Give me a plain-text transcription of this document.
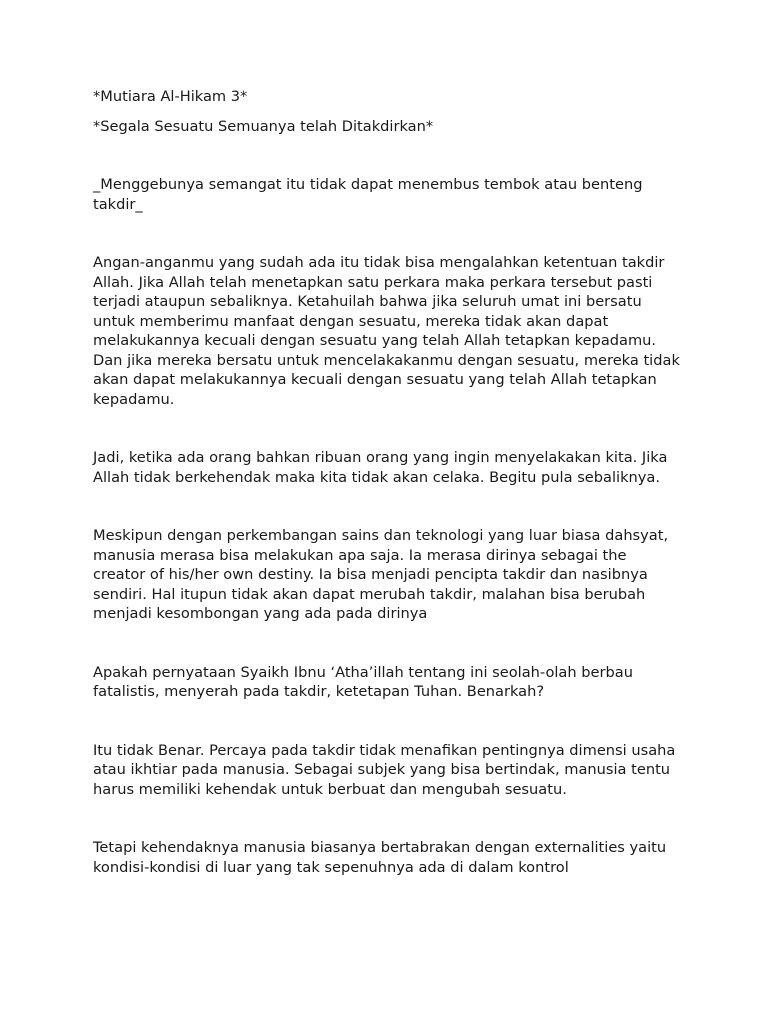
*Mutiara Al-Hikam 3*

*Segala Sesuatu Semuanya telah Ditakdirkan*

_Menggebunya semangat itu tidak dapat menembus tembok atau benteng takdir_

Angan-anganmu yang sudah ada itu tidak bisa mengalahkan ketentuan takdir Allah. Jika Allah telah menetapkan satu perkara maka perkara tersebut pasti terjadi ataupun sebaliknya. Ketahuilah bahwa jika seluruh umat ini bersatu untuk memberimu manfaat dengan sesuatu, mereka tidak akan dapat melakukannya kecuali dengan sesuatu yang telah Allah tetapkan kepadamu. Dan jika mereka bersatu untuk mencelakakanmu dengan sesuatu, mereka tidak akan dapat melakukannya kecuali dengan sesuatu yang telah Allah tetapkan kepadamu.

Jadi, ketika ada orang bahkan ribuan orang yang ingin menyelakakan kita. Jika Allah tidak berkehendak maka kita tidak akan celaka. Begitu pula sebaliknya.

Meskipun dengan perkembangan sains dan teknologi yang luar biasa dahsyat, manusia merasa bisa melakukan apa saja. Ia merasa dirinya sebagai the creator of his/her own destiny. Ia bisa menjadi pencipta takdir dan nasibnya sendiri. Hal itupun tidak akan dapat merubah takdir, malahan bisa berubah menjadi kesombongan yang ada pada dirinya

Apakah pernyataan Syaikh Ibnu ‘Atha’illah tentang ini seolah-olah berbau fatalistis, menyerah pada takdir, ketetapan Tuhan. Benarkah?

Itu tidak Benar. Percaya pada takdir tidak menafikan pentingnya dimensi usaha atau ikhtiar pada manusia. Sebagai subjek yang bisa bertindak, manusia tentu harus memiliki kehendak untuk berbuat dan mengubah sesuatu.

Tetapi kehendaknya manusia biasanya bertabrakan dengan externalities yaitu kondisi-kondisi di luar yang tak sepenuhnya ada di dalam kontrol
